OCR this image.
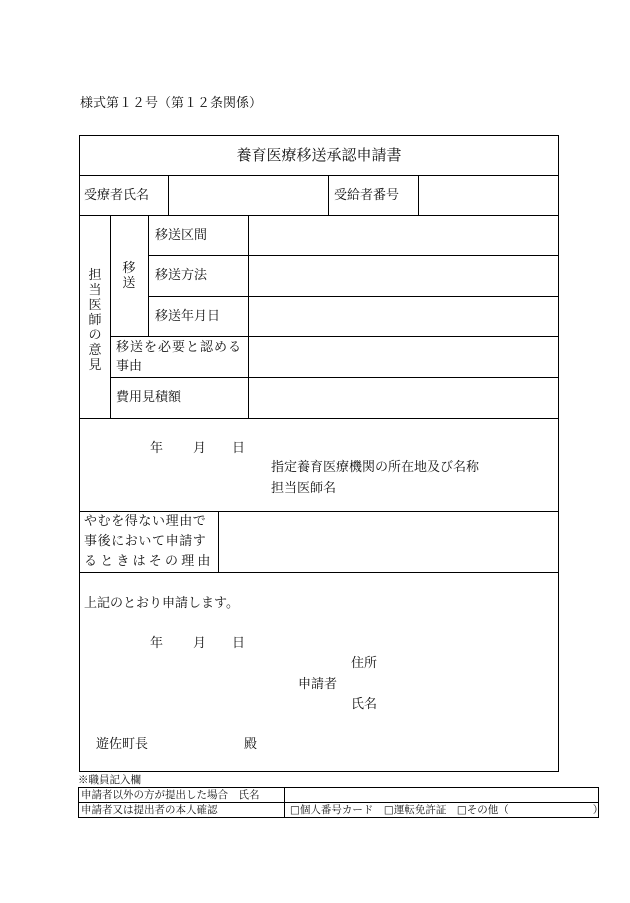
様式第１２号（第１２条関係）
養育医療移送承認申請書
受療者氏名	受給者番号
担
当
医
師
の
意
見
移
送
移送区間
移送方法
移送年月日
移送を必要と認める
事由
費用見積額
年 月 日
指定養育医療機関の所在地及び名称
担当医師名
やむを得ない理由で
事後において申請す
るときはその理由
上記のとおり申請します。
年 月 日
住所
申請者
氏名
遊佐町長	殿
※職員記入欄
申請者以外の方が提出した場合　氏名
申請者又は提出者の本人確認	□個人番号カード　□運転免許証　□その他（　　　　　　　　）
